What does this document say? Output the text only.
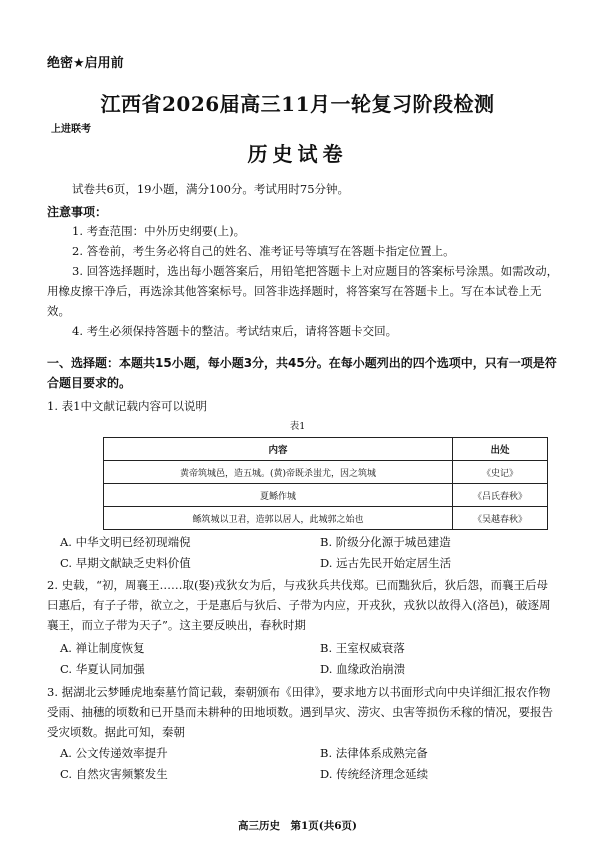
绝密★启用前
江西省2026届高三11月一轮复习阶段检测
上进联考
历史试卷
试卷共6页，19小题，满分100分。考试用时75分钟。
注意事项：
1. 考查范围：中外历史纲要(上)。
2. 答卷前，考生务必将自己的姓名、准考证号等填写在答题卡指定位置上。
3. 回答选择题时，选出每小题答案后，用铅笔把答题卡上对应题目的答案标号涂黑。如需改动，用橡皮擦干净后，再选涂其他答案标号。回答非选择题时，将答案写在答题卡上。写在本试卷上无效。
4. 考生必须保持答题卡的整洁。考试结束后，请将答题卡交回。
一、选择题：本题共15小题，每小题3分，共45分。在每小题列出的四个选项中，只有一项是符合题目要求的。
1. 表1中文献记载内容可以说明
表1
内容	出处
黄帝筑城邑，造五城。(黄)帝既杀蚩尤，因之筑城	《史记》
夏鲧作城	《吕氏春秋》
鲧筑城以卫君，造郭以居人，此城郭之始也	《吴越春秋》
A. 中华文明已经初现端倪	B. 阶级分化源于城邑建造
C. 早期文献缺乏史料价值	D. 远古先民开始定居生活
2. 史载，“初，周襄王……取(娶)戎狄女为后，与戎狄兵共伐郑。已而黜狄后，狄后怨，而襄王后母曰惠后，有子子带，欲立之，于是惠后与狄后、子带为内应，开戎狄，戎狄以故得入(洛邑)，破逐周襄王，而立子带为天子”。这主要反映出，春秋时期
A. 禅让制度恢复	B. 王室权威衰落
C. 华夏认同加强	D. 血缘政治崩溃
3. 据湖北云梦睡虎地秦墓竹简记载，秦朝颁布《田律》，要求地方以书面形式向中央详细汇报农作物受雨、抽穗的顷数和已开垦而未耕种的田地顷数。遇到旱灾、涝灾、虫害等损伤禾稼的情况，要报告受灾顷数。据此可知，秦朝
A. 公文传递效率提升	B. 法律体系成熟完备
C. 自然灾害频繁发生	D. 传统经济理念延续
高三历史　第1页(共6页)
